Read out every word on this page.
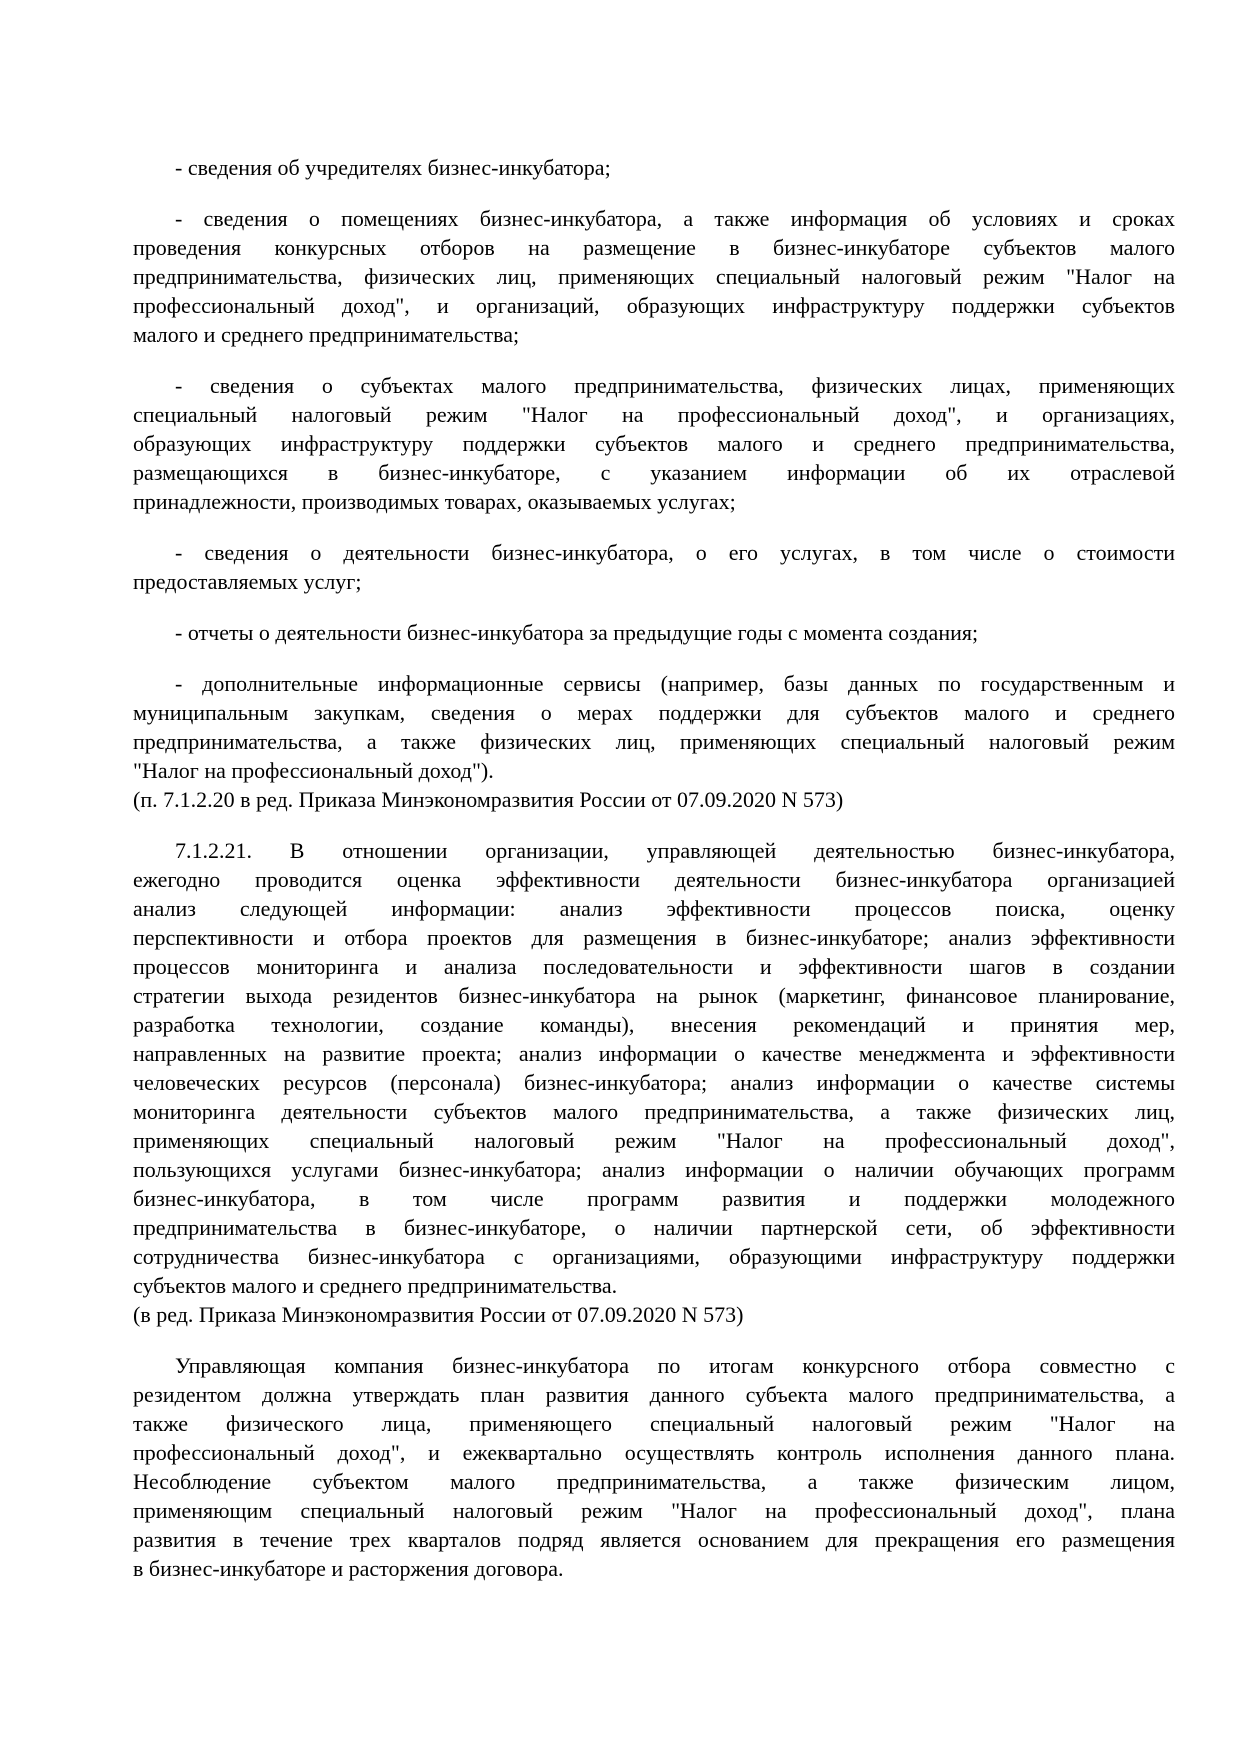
- сведения об учредителях бизнес-инкубатора;
- сведения о помещениях бизнес-инкубатора, а также информация об условиях и сроках
проведения конкурсных отборов на размещение в бизнес-инкубаторе субъектов малого
предпринимательства, физических лиц, применяющих специальный налоговый режим "Налог на
профессиональный доход", и организаций, образующих инфраструктуру поддержки субъектов
малого и среднего предпринимательства;
- сведения о субъектах малого предпринимательства, физических лицах, применяющих
специальный налоговый режим "Налог на профессиональный доход", и организациях,
образующих инфраструктуру поддержки субъектов малого и среднего предпринимательства,
размещающихся в бизнес-инкубаторе, с указанием информации об их отраслевой
принадлежности, производимых товарах, оказываемых услугах;
- сведения о деятельности бизнес-инкубатора, о его услугах, в том числе о стоимости
предоставляемых услуг;
- отчеты о деятельности бизнес-инкубатора за предыдущие годы с момента создания;
- дополнительные информационные сервисы (например, базы данных по государственным и
муниципальным закупкам, сведения о мерах поддержки для субъектов малого и среднего
предпринимательства, а также физических лиц, применяющих специальный налоговый режим
"Налог на профессиональный доход").
(п. 7.1.2.20 в ред. Приказа Минэкономразвития России от 07.09.2020 N 573)
7.1.2.21. В отношении организации, управляющей деятельностью бизнес-инкубатора,
ежегодно проводится оценка эффективности деятельности бизнес-инкубатора организацией
анализ следующей информации: анализ эффективности процессов поиска, оценку
перспективности и отбора проектов для размещения в бизнес-инкубаторе; анализ эффективности
процессов мониторинга и анализа последовательности и эффективности шагов в создании
стратегии выхода резидентов бизнес-инкубатора на рынок (маркетинг, финансовое планирование,
разработка технологии, создание команды), внесения рекомендаций и принятия мер,
направленных на развитие проекта; анализ информации о качестве менеджмента и эффективности
человеческих ресурсов (персонала) бизнес-инкубатора; анализ информации о качестве системы
мониторинга деятельности субъектов малого предпринимательства, а также физических лиц,
применяющих специальный налоговый режим "Налог на профессиональный доход",
пользующихся услугами бизнес-инкубатора; анализ информации о наличии обучающих программ
бизнес-инкубатора, в том числе программ развития и поддержки молодежного
предпринимательства в бизнес-инкубаторе, о наличии партнерской сети, об эффективности
сотрудничества бизнес-инкубатора с организациями, образующими инфраструктуру поддержки
субъектов малого и среднего предпринимательства.
(в ред. Приказа Минэкономразвития России от 07.09.2020 N 573)
Управляющая компания бизнес-инкубатора по итогам конкурсного отбора совместно с
резидентом должна утверждать план развития данного субъекта малого предпринимательства, а
также физического лица, применяющего специальный налоговый режим "Налог на
профессиональный доход", и ежеквартально осуществлять контроль исполнения данного плана.
Несоблюдение субъектом малого предпринимательства, а также физическим лицом,
применяющим специальный налоговый режим "Налог на профессиональный доход", плана
развития в течение трех кварталов подряд является основанием для прекращения его размещения
в бизнес-инкубаторе и расторжения договора.
